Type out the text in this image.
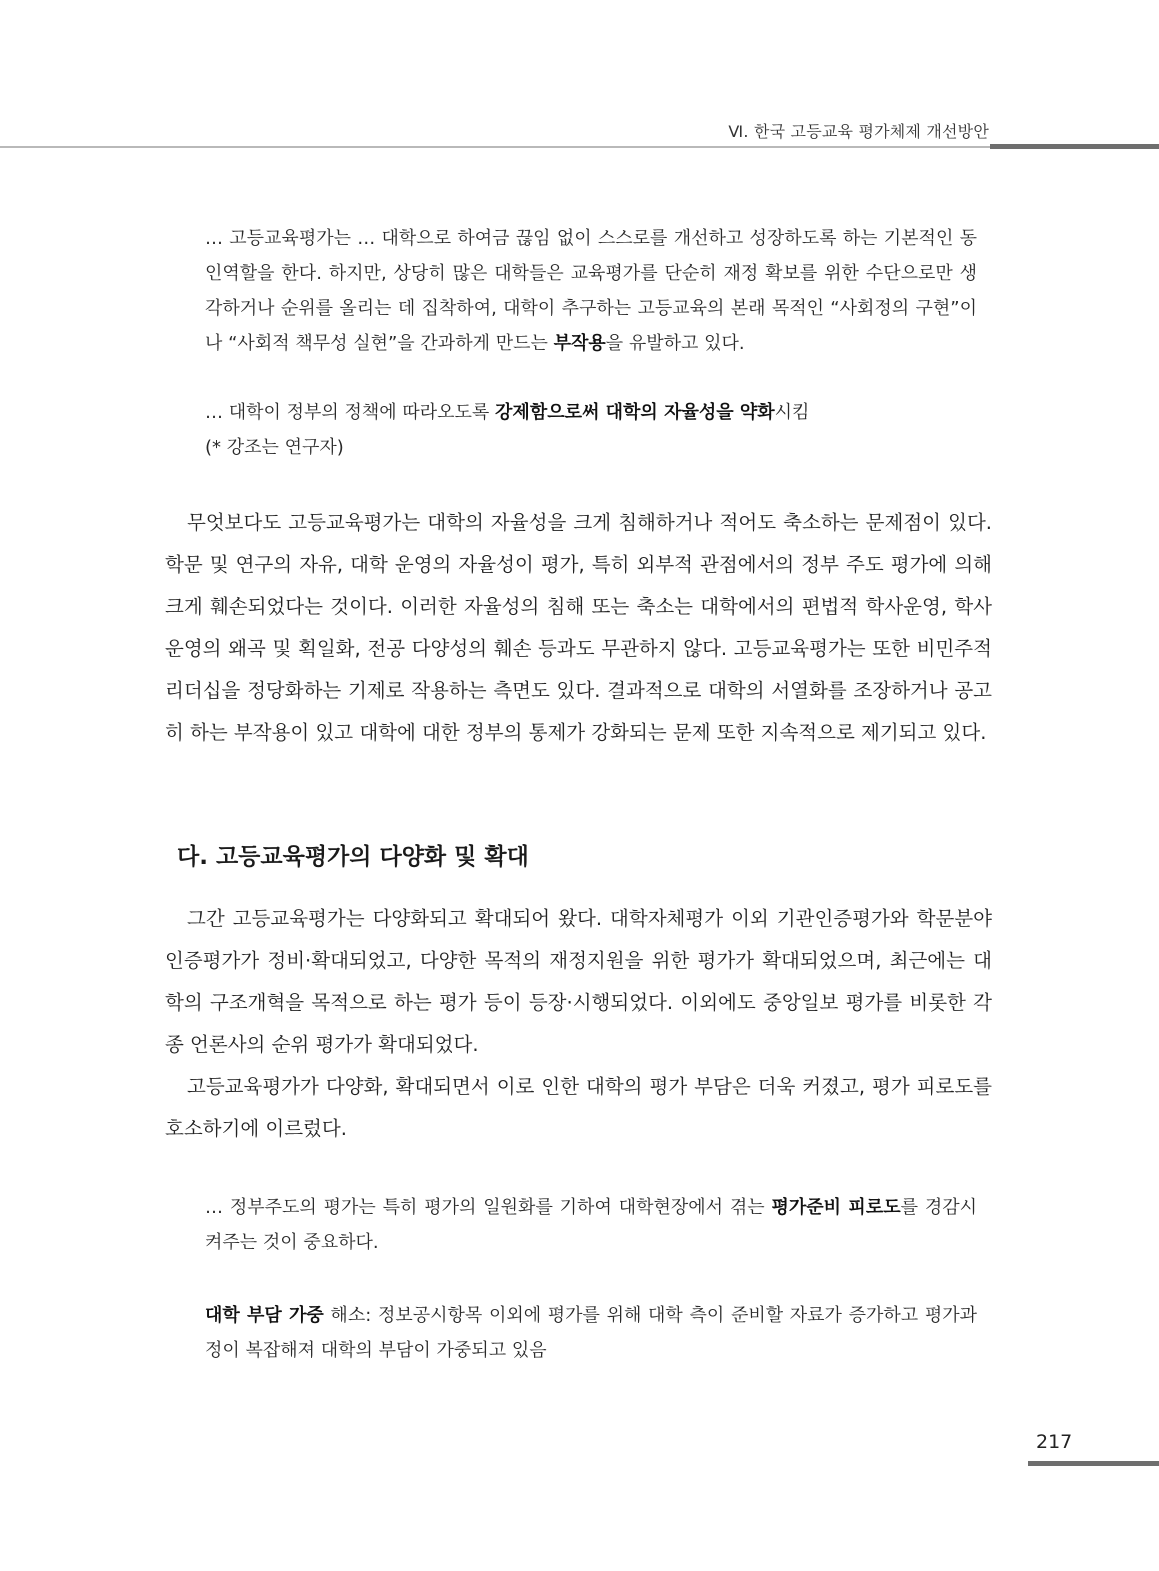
Ⅵ. 한국 고등교육 평가체제 개선방안

… 고등교육평가는 … 대학으로 하여금 끊임 없이 스스로를 개선하고 성장하도록 하는 기본적인 동인역할을 한다. 하지만, 상당히 많은 대학들은 교육평가를 단순히 재정 확보를 위한 수단으로만 생각하거나 순위를 올리는 데 집착하여, 대학이 추구하는 고등교육의 본래 목적인 “사회정의 구현”이나 “사회적 책무성 실현”을 간과하게 만드는 부작용을 유발하고 있다.

… 대학이 정부의 정책에 따라오도록 강제함으로써 대학의 자율성을 약화시킴

(* 강조는 연구자)

무엇보다도 고등교육평가는 대학의 자율성을 크게 침해하거나 적어도 축소하는 문제점이 있다. 학문 및 연구의 자유, 대학 운영의 자율성이 평가, 특히 외부적 관점에서의 정부 주도 평가에 의해 크게 훼손되었다는 것이다. 이러한 자율성의 침해 또는 축소는 대학에서의 편법적 학사운영, 학사운영의 왜곡 및 획일화, 전공 다양성의 훼손 등과도 무관하지 않다. 고등교육평가는 또한 비민주적 리더십을 정당화하는 기제로 작용하는 측면도 있다. 결과적으로 대학의 서열화를 조장하거나 공고히 하는 부작용이 있고 대학에 대한 정부의 통제가 강화되는 문제 또한 지속적으로 제기되고 있다.

다. 고등교육평가의 다양화 및 확대

그간 고등교육평가는 다양화되고 확대되어 왔다. 대학자체평가 이외 기관인증평가와 학문분야 인증평가가 정비·확대되었고, 다양한 목적의 재정지원을 위한 평가가 확대되었으며, 최근에는 대학의 구조개혁을 목적으로 하는 평가 등이 등장·시행되었다. 이외에도 중앙일보 평가를 비롯한 각종 언론사의 순위 평가가 확대되었다.

고등교육평가가 다양화, 확대되면서 이로 인한 대학의 평가 부담은 더욱 커졌고, 평가 피로도를 호소하기에 이르렀다.

… 정부주도의 평가는 특히 평가의 일원화를 기하여 대학현장에서 겪는 평가준비 피로도를 경감시켜주는 것이 중요하다.

대학 부담 가중 해소: 정보공시항목 이외에 평가를 위해 대학 측이 준비할 자료가 증가하고 평가과정이 복잡해져 대학의 부담이 가중되고 있음

217
